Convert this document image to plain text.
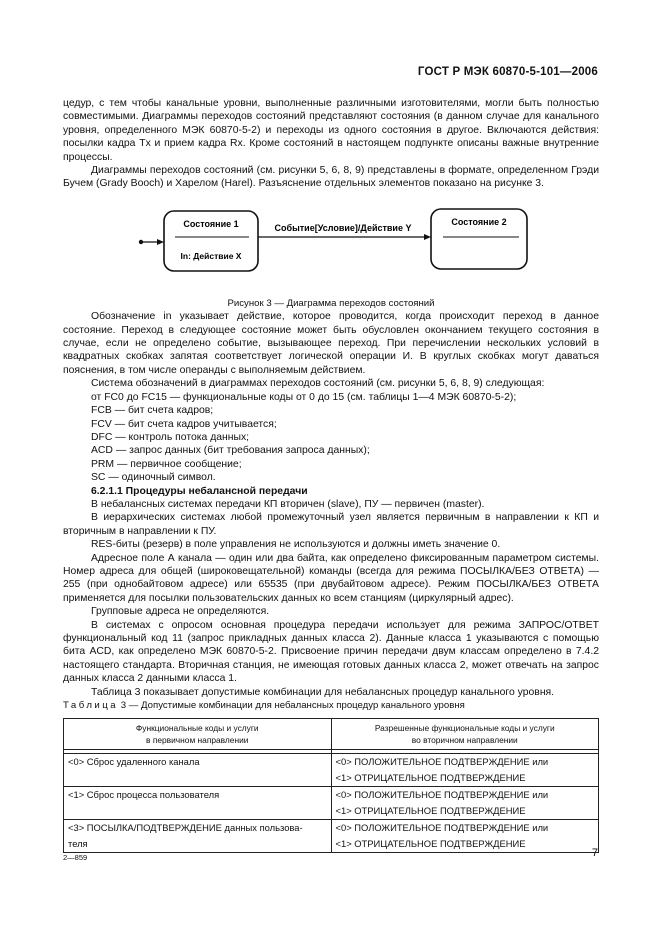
ГОСТ Р МЭК 60870-5-101—2006

цедур, с тем чтобы канальные уровни, выполненные различными изготовителями, могли быть полностью совместимыми. Диаграммы переходов состояний представляют состояния (в данном случае для канального уровня, определенного МЭК 60870-5-2) и переходы из одного состояния в другое. Включаются действия: посылки кадра Tx и прием кадра Rx. Кроме состояний в настоящем подпункте описаны важные внутренние процессы.

Диаграммы переходов состояний (см. рисунки 5, 6, 8, 9) представлены в формате, определенном Грэди Бучем (Grady Booch) и Харелом (Harel). Разъяснение отдельных элементов показано на рисунке 3.

Состояние 1
In: Действие X
Событие[Условие]/Действие Y
Состояние 2

Рисунок 3 — Диаграмма переходов состояний

Обозначение in указывает действие, которое проводится, когда происходит переход в данное состояние. Переход в следующее состояние может быть обусловлен окончанием текущего состояния в случае, если не определено событие, вызывающее переход. При перечислении нескольких условий в квадратных скобках запятая соответствует логической операции И. В круглых скобках могут даваться пояснения, в том числе операнды с выполняемым действием.

Система обозначений в диаграммах переходов состояний (см. рисунки 5, 6, 8, 9) следующая:

от FC0 до FC15 — функциональные коды от 0 до 15 (см. таблицы 1—4 МЭК 60870-5-2);

FCB — бит счета кадров;

FCV — бит счета кадров учитывается;

DFC — контроль потока данных;

ACD — запрос данных (бит требования запроса данных);

PRM — первичное сообщение;

SC — одиночный символ.

6.2.1.1 Процедуры небалансной передачи

В небалансных системах передачи КП вторичен (slave), ПУ — первичен (master).

В иерархических системах любой промежуточный узел является первичным в направлении к КП и вторичным в направлении к ПУ.

RES-биты (резерв) в поле управления не используются и должны иметь значение 0.

Адресное поле А канала — один или два байта, как определено фиксированным параметром системы. Номер адреса для общей (широковещательной) команды (всегда для режима ПОСЫЛКА/БЕЗ ОТВЕТА) — 255 (при однобайтовом адресе) или 65535 (при двубайтовом адресе). Режим ПОСЫЛКА/БЕЗ ОТВЕТА применяется для посылки пользовательских данных ко всем станциям (циркулярный адрес).

Групповые адреса не определяются.

В системах с опросом основная процедура передачи использует для режима ЗАПРОС/ОТВЕТ функциональный код 11 (запрос прикладных данных класса 2). Данные класса 1 указываются с помощью бита ACD, как определено МЭК 60870-5-2. Присвоение причин передачи двум классам определено в 7.4.2 настоящего стандарта. Вторичная станция, не имеющая готовых данных класса 2, может отвечать на запрос данных класса 2 данными класса 1.

Таблица 3 показывает допустимые комбинации для небалансных процедур канального уровня.

Таблица 3 — Допустимые комбинации для небалансных процедур канального уровня

Функциональные коды и услуги
в первичном направлении	Разрешенные функциональные коды и услуги
во вторичном направлении

<0> Сброс удаленного канала	<0> ПОЛОЖИТЕЛЬНОЕ ПОДТВЕРЖДЕНИЕ или
	<1> ОТРИЦАТЕЛЬНОЕ ПОДТВЕРЖДЕНИЕ
<1> Сброс процесса пользователя	<0> ПОЛОЖИТЕЛЬНОЕ ПОДТВЕРЖДЕНИЕ или
	<1> ОТРИЦАТЕЛЬНОЕ ПОДТВЕРЖДЕНИЕ
<3> ПОСЫЛКА/ПОДТВЕРЖДЕНИЕ данных пользова-	<0> ПОЛОЖИТЕЛЬНОЕ ПОДТВЕРЖДЕНИЕ или
теля	<1> ОТРИЦАТЕЛЬНОЕ ПОДТВЕРЖДЕНИЕ
2—859	7
